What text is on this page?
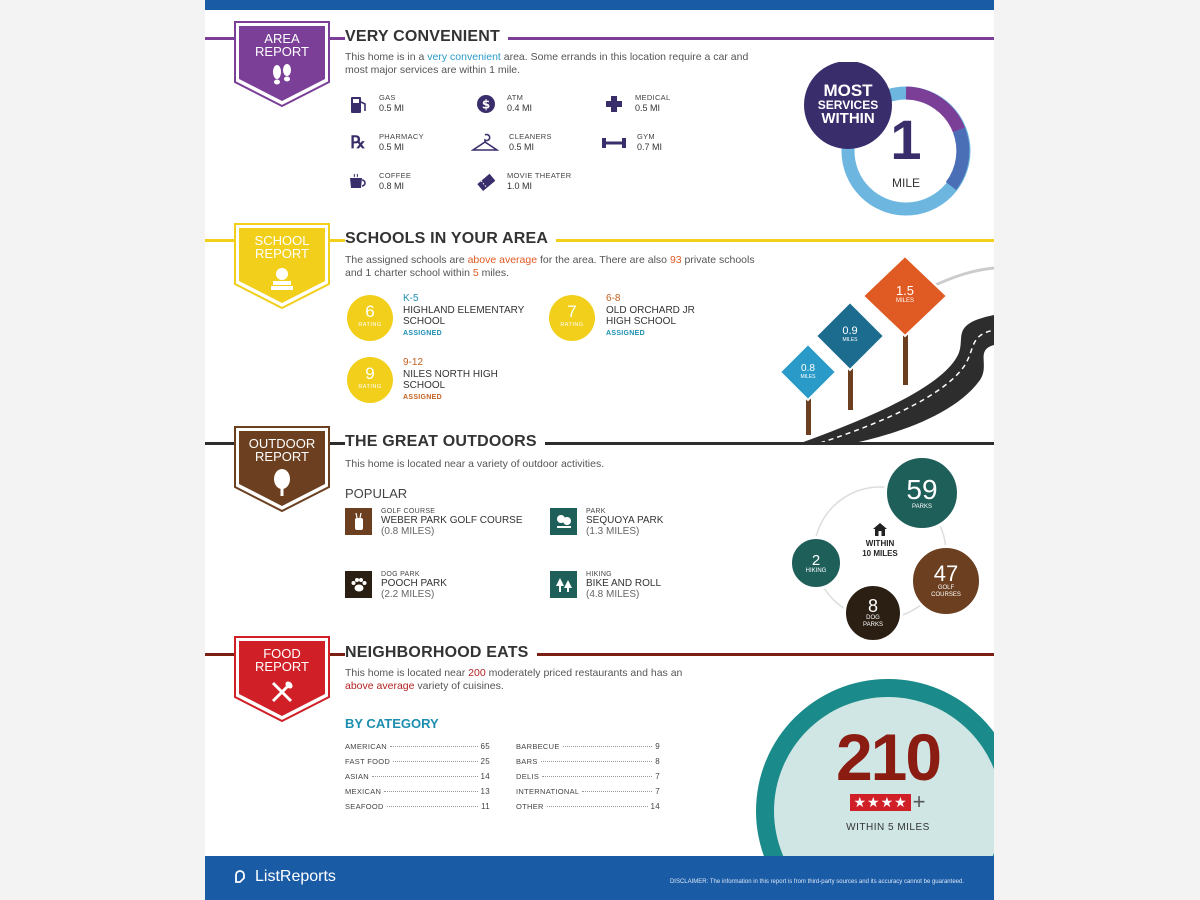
AREA
REPORT
VERY CONVENIENT
This home is in a very convenient area. Some errands in this location require a car and most major services are within 1 mile.
GAS
0.5 MI	$ ATM
0.4 MI
MEDICAL
0.5 MI
℞	PHARMACY
0.5 MI
CLEANERS
0.5 MI
GYM
0.7 MI
COFFEE
0.8 MI
MOVIE THEATER
1.0 MI
MOST
SERVICES
WITHIN 1
MILE
SCHOOL
REPORT
SCHOOLS IN YOUR AREA
The assigned schools are above average for the area. There are also 93 private schools and 1 charter school within 5 miles.
6
RATING
K-5
HIGHLAND ELEMENTARY
SCHOOL
ASSIGNED
7
RATING
6-8
OLD ORCHARD JR
HIGH SCHOOL
ASSIGNED
9
RATING
9-12
NILES NORTH HIGH
SCHOOL
ASSIGNED
1.5
MILES
0.9
MILES
0.8
MILES
OUTDOOR
REPORT
THE GREAT OUTDOORS
This home is located near a variety of outdoor activities.
POPULAR
GOLF COURSE
WEBER PARK GOLF COURSE
(0.8 MILES)
PARK
SEQUOYA PARK
(1.3 MILES)
DOG PARK
POOCH PARK
(2.2 MILES)
HIKING
BIKE AND ROLL
(4.8 MILES)
WITHIN
10 MILES
59
PARKS
47
GOLF COURSES
8
DOG PARKS
2
HIKING
FOOD
REPORT
NEIGHBORHOOD EATS
This home is located near 200 moderately priced restaurants and has an above average variety of cuisines.
BY CATEGORY
AMERICAN	65
FAST FOOD	25
ASIAN	14
MEXICAN	13
SEAFOOD	11
BARBECUE	9
BARS	8
DELIS	7
INTERNATIONAL	7
OTHER	14
210
★★★★ +
WITHIN 5 MILES
ListReports	DISCLAIMER: The information in this report is from third-party sources and its accuracy cannot be guaranteed.
